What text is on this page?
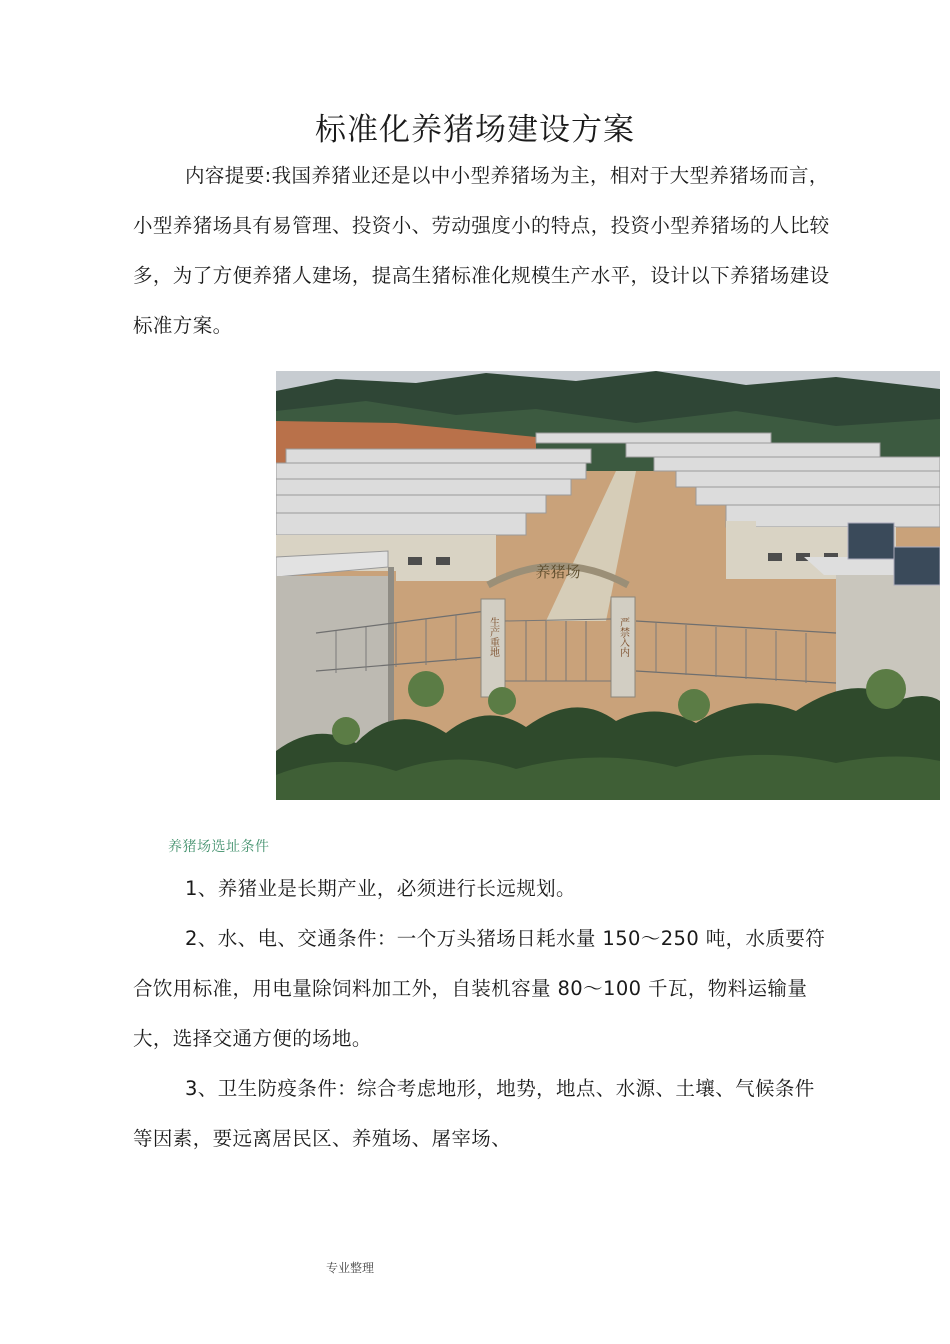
标准化养猪场建设方案

内容提要:我国养猪业还是以中小型养猪场为主，相对于大型养猪场而言，小型养猪场具有易管理、投资小、劳动强度小的特点，投资小型养猪场的人比较多，为了方便养猪人建场，提高生猪标准化规模生产水平，设计以下养猪场建设标准方案。

养猪场
生产重地	严禁入内

养猪场选址条件

1、养猪业是长期产业，必须进行长远规划。

2、水、电、交通条件：一个万头猪场日耗水量 150～250 吨，水质要符合饮用标准，用电量除饲料加工外，自装机容量 80～100 千瓦，物料运输量大，选择交通方便的场地。

3、卫生防疫条件：综合考虑地形，地势，地点、水源、土壤、气候条件等因素，要远离居民区、养殖场、屠宰场、

专业整理
